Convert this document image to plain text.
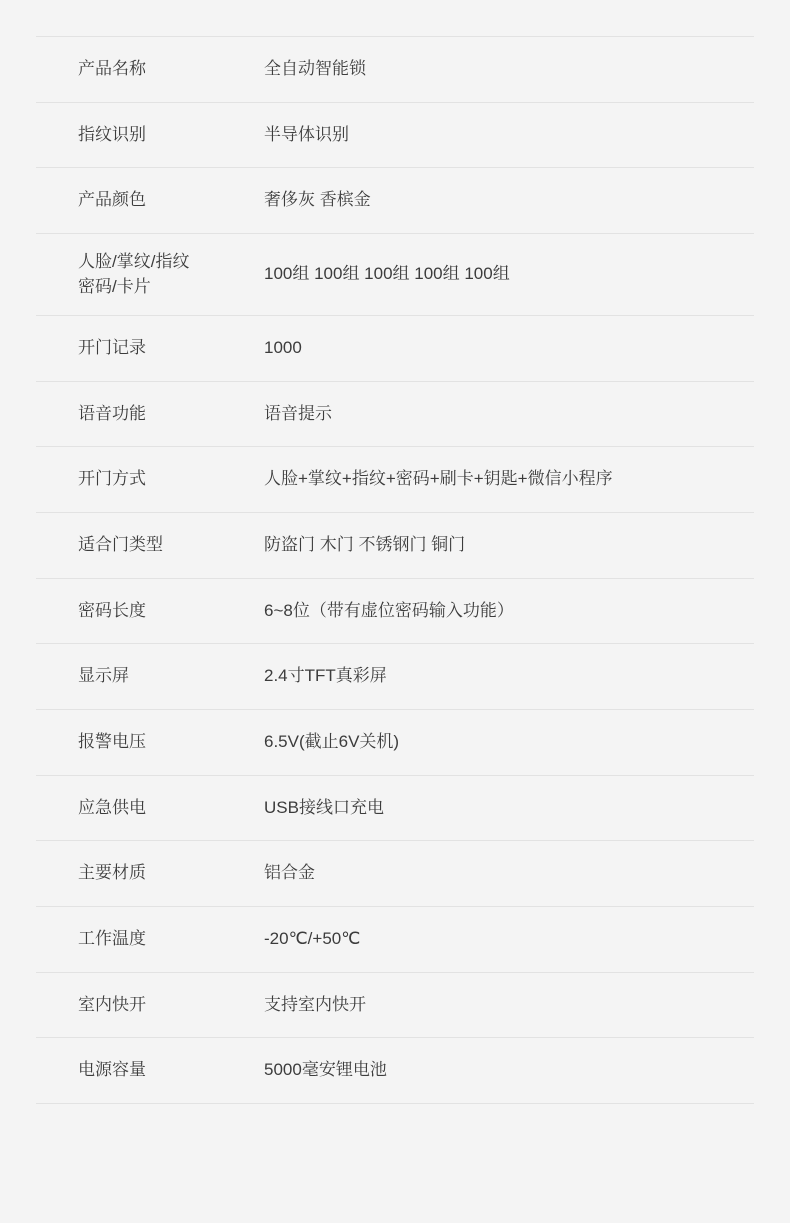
产品名称	全自动智能锁
指纹识别	半导体识别
产品颜色	奢侈灰 香槟金

人脸/掌纹/指纹
密码/卡片	100组 100组 100组 100组 100组
开门记录	1000
语音功能	语音提示
开门方式	人脸+掌纹+指纹+密码+刷卡+钥匙+微信小程序
适合门类型	防盗门 木门 不锈钢门 铜门
密码长度	6~8位（带有虚位密码输入功能）
显示屏	2.4寸TFT真彩屏
报警电压	6.5V(截止6V关机)
应急供电	USB接线口充电
主要材质	铝合金
工作温度	-20℃/+50℃
室内快开	支持室内快开
电源容量	5000毫安锂电池
